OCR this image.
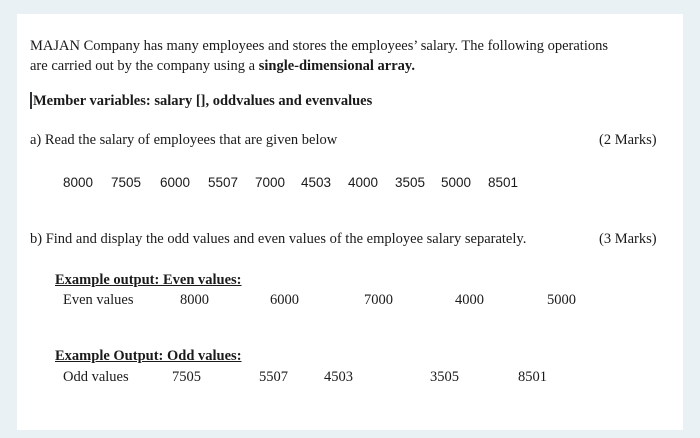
MAJAN Company has many employees and stores the employees’ salary. The following operations
are carried out by the company using a single-dimensional array.
Member variables: salary [], oddvalues and evenvalues
a) Read the salary of employees that are given below	(2 Marks)
8000 7505 6000 5507 7000 4503 4000 3505 5000 8501
b) Find and display the odd values and even values of the employee salary separately.	(3 Marks)
Example output: Even values:
Even values	8000	6000	7000	4000	5000
Example Output: Odd values:
Odd values	7505	5507 4503	3505	8501
